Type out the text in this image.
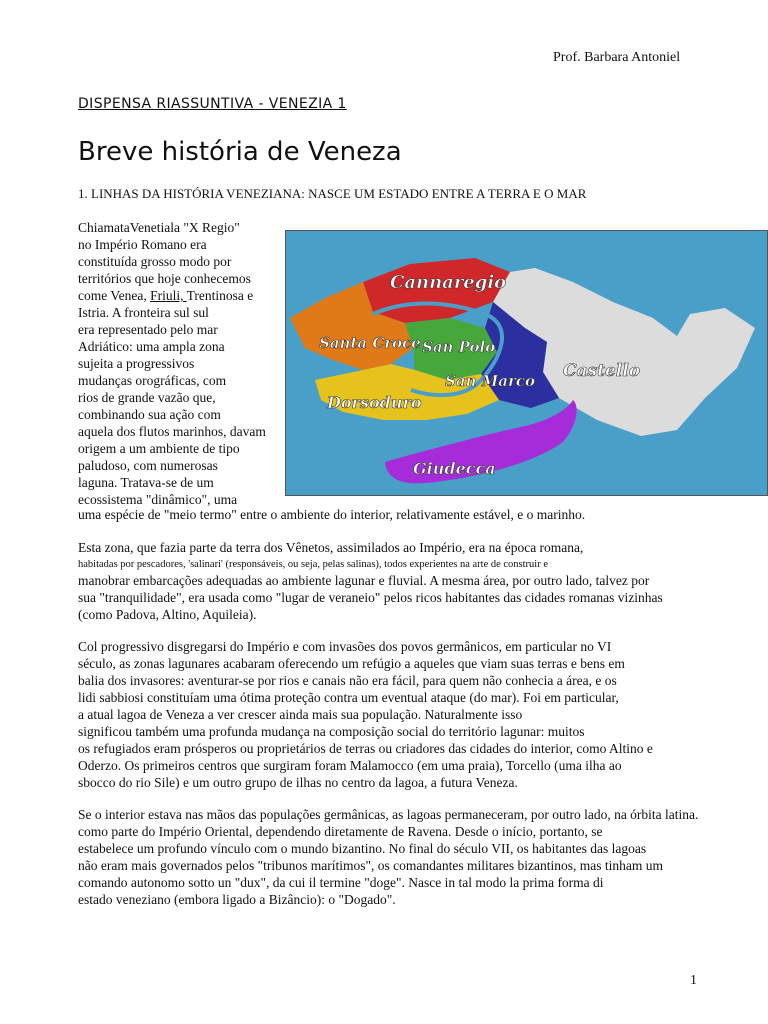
Prof. Barbara Antoniel
DISPENSA RIASSUNTIVA - VENEZIA 1
Breve história de Veneza
1. LINHAS DA HISTÓRIA VENEZIANA: NASCE UM ESTADO ENTRE A TERRA E O MAR
ChiamataVenetiala "X Regio"
no Império Romano era
constituída grosso modo por
territórios que hoje conhecemos
come Venea, Friuli, Trentinosa e
Istria. A fronteira sul sul
era representado pelo mar
Adriático: uma ampla zona
sujeita a progressivos
mudanças orográficas, com
rios de grande vazão que,
combinando sua ação com
aquela dos flutos marinhos, davam
origem a um ambiente de tipo
paludoso, com numerosas
laguna. Tratava-se de um
ecossistema "dinâmico", uma
uma espécie de "meio termo" entre o ambiente do interior, relativamente estável, e o marinho.
Cannaregio
Santa Croce San Polo
San Marco Castello
Dorsoduro
Giudecca
Esta zona, que fazia parte da terra dos Vênetos, assimilados ao Império, era na época romana,
habitadas por pescadores, 'salinari' (responsáveis, ou seja, pelas salinas), todos experientes na arte de construir e
manobrar embarcações adequadas ao ambiente lagunar e fluvial. A mesma área, por outro lado, talvez por
sua "tranquilidade", era usada como "lugar de veraneio" pelos ricos habitantes das cidades romanas vizinhas
(como Padova, Altino, Aquileia).
Col progressivo disgregarsi do Império e com invasões dos povos germânicos, em particular no VI
século, as zonas lagunares acabaram oferecendo um refúgio a aqueles que viam suas terras e bens em
balia dos invasores: aventurar-se por rios e canais não era fácil, para quem não conhecia a área, e os
lidi sabbiosi constituíam uma ótima proteção contra um eventual ataque (do mar). Foi em particular,
a atual lagoa de Veneza a ver crescer ainda mais sua população. Naturalmente isso
significou também uma profunda mudança na composição social do território lagunar: muitos
os refugiados eram prósperos ou proprietários de terras ou criadores das cidades do interior, como Altino e
Oderzo. Os primeiros centros que surgiram foram Malamocco (em uma praia), Torcello (uma ilha ao
sbocco do rio Sile) e um outro grupo de ilhas no centro da lagoa, a futura Veneza.
Se o interior estava nas mãos das populações germânicas, as lagoas permaneceram, por outro lado, na órbita latina.
como parte do Império Oriental, dependendo diretamente de Ravena. Desde o início, portanto, se
estabelece um profundo vínculo com o mundo bizantino. No final do século VII, os habitantes das lagoas
não eram mais governados pelos "tribunos marítimos", os comandantes militares bizantinos, mas tinham um
comando autonomo sotto un "dux", da cui il termine "doge". Nasce in tal modo la prima forma di
estado veneziano (embora ligado a Bizâncio): o "Dogado".
1
